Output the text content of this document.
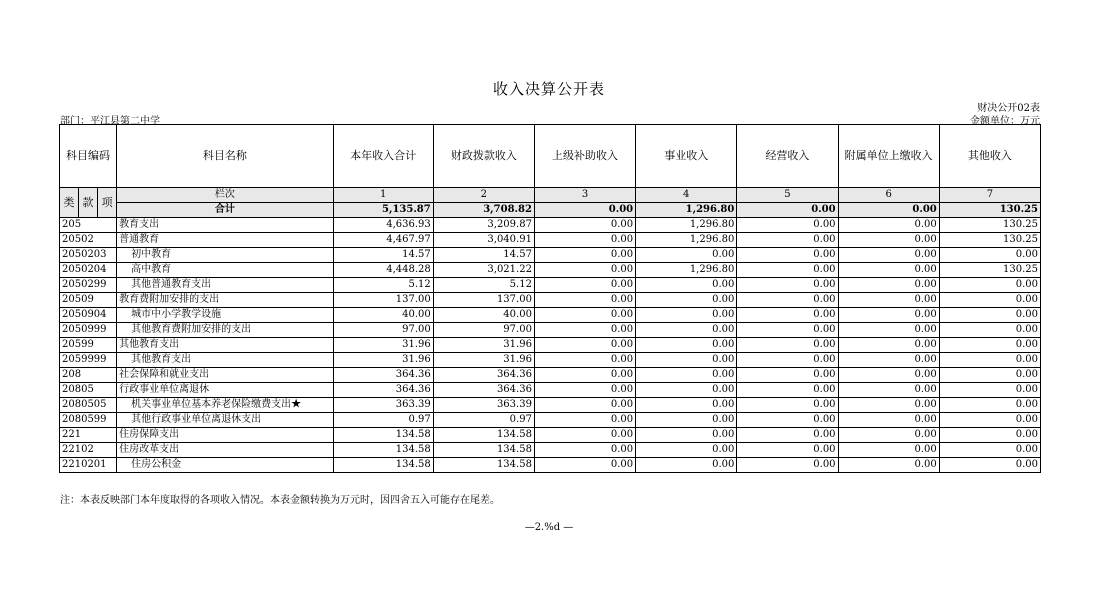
收入决算公开表
财决公开02表
金额单位：万元
部门：平江县第二中学
科目编码			科目名称	本年收入合计	财政拨款收入	上级补助收入	事业收入	经营收入	附属单位上缴收入	其他收入
类	款	项	栏次	1	2	3	4	5	6	7
			合计	5,135.87	3,708.82	0.00	1,296.80	0.00	0.00	130.25
205			教育支出	4,636.93	3,209.87	0.00	1,296.80	0.00	0.00	130.25
20502			普通教育	4,467.97	3,040.91	0.00	1,296.80	0.00	0.00	130.25
2050203			初中教育	14.57	14.57	0.00	0.00	0.00	0.00	0.00
2050204			高中教育	4,448.28	3,021.22	0.00	1,296.80	0.00	0.00	130.25
2050299			其他普通教育支出	5.12	5.12	0.00	0.00	0.00	0.00	0.00
20509			教育费附加安排的支出	137.00	137.00	0.00	0.00	0.00	0.00	0.00
2050904			城市中小学教学设施	40.00	40.00	0.00	0.00	0.00	0.00	0.00
2050999			其他教育费附加安排的支出	97.00	97.00	0.00	0.00	0.00	0.00	0.00
20599			其他教育支出	31.96	31.96	0.00	0.00	0.00	0.00	0.00
2059999			其他教育支出	31.96	31.96	0.00	0.00	0.00	0.00	0.00
208			社会保障和就业支出	364.36	364.36	0.00	0.00	0.00	0.00	0.00
20805			行政事业单位离退休	364.36	364.36	0.00	0.00	0.00	0.00	0.00
2080505			机关事业单位基本养老保险缴费支出★	363.39	363.39	0.00	0.00	0.00	0.00	0.00
2080599			其他行政事业单位离退休支出	0.97	0.97	0.00	0.00	0.00	0.00	0.00
221			住房保障支出	134.58	134.58	0.00	0.00	0.00	0.00	0.00
22102			住房改革支出	134.58	134.58	0.00	0.00	0.00	0.00	0.00
2210201			住房公积金	134.58	134.58	0.00	0.00	0.00	0.00	0.00
注：本表反映部门本年度取得的各项收入情况。本表金额转换为万元时，因四舍五入可能存在尾差。
—2.%d —
